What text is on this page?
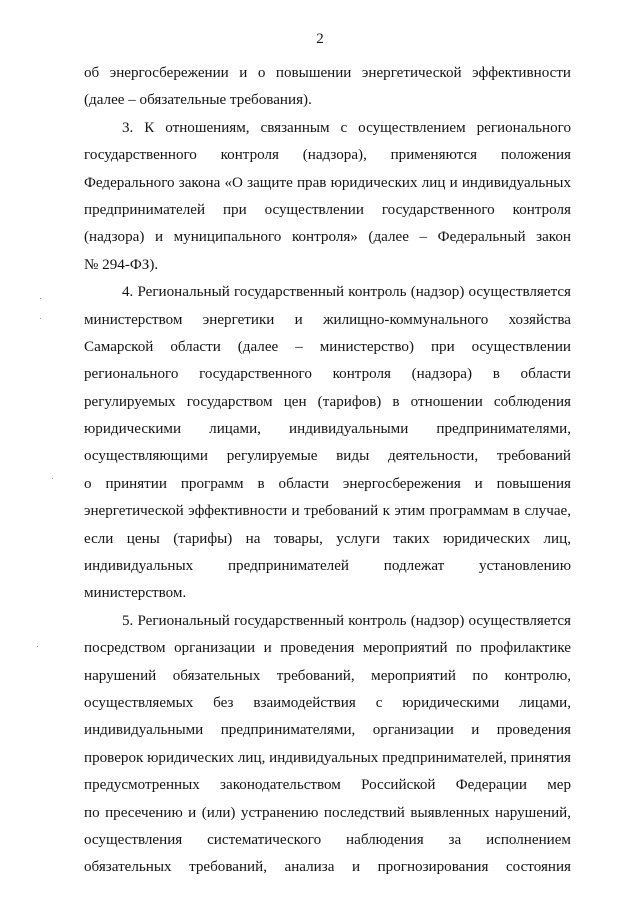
2
об энергосбережении и о повышении энергетической эффективности
(далее – обязательные требования).
3. К отношениям, связанным с осуществлением регионального
государственного контроля (надзора), применяются положения
Федерального закона «О защите прав юридических лиц и индивидуальных
предпринимателей при осуществлении государственного контроля
(надзора) и муниципального контроля» (далее – Федеральный закон
№ 294-ФЗ).
4. Региональный государственный контроль (надзор) осуществляется
министерством энергетики и жилищно-коммунального хозяйства
Самарской области (далее – министерство) при осуществлении
регионального государственного контроля (надзора) в области
регулируемых государством цен (тарифов) в отношении соблюдения
юридическими лицами, индивидуальными предпринимателями,
осуществляющими регулируемые виды деятельности, требований
о принятии программ в области энергосбережения и повышения
энергетической эффективности и требований к этим программам в случае,
если цены (тарифы) на товары, услуги таких юридических лиц,
индивидуальных предпринимателей подлежат установлению
министерством.
5. Региональный государственный контроль (надзор) осуществляется
посредством организации и проведения мероприятий по профилактике
нарушений обязательных требований, мероприятий по контролю,
осуществляемых без взаимодействия с юридическими лицами,
индивидуальными предпринимателями, организации и проведения
проверок юридических лиц, индивидуальных предпринимателей, принятия
предусмотренных законодательством Российской Федерации мер
по пресечению и (или) устранению последствий выявленных нарушений,
осуществления систематического наблюдения за исполнением
обязательных требований, анализа и прогнозирования состояния
